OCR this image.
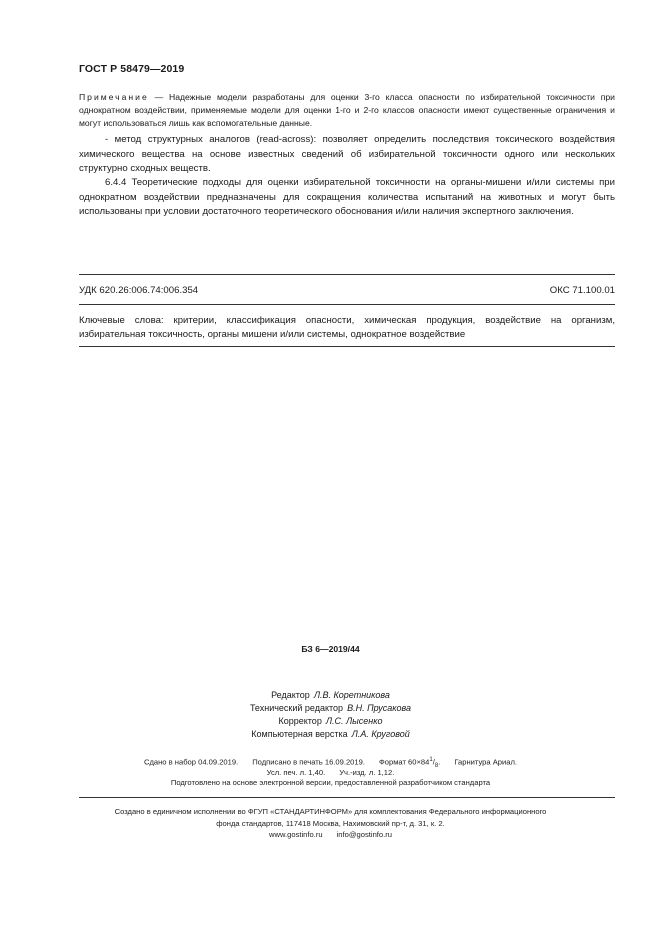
ГОСТ Р 58479—2019
Примечание — Надежные модели разработаны для оценки 3-го класса опасности по избирательной токсичности при однократном воздействии, применяемые модели для оценки 1-го и 2-го классов опасности имеют существенные ограничения и могут использоваться лишь как вспомогательные данные.

- метод структурных аналогов (read-across): позволяет определить последствия токсического воздействия химического вещества на основе известных сведений об избирательной токсичности одного или нескольких структурно сходных веществ.

6.4.4 Теоретические подходы для оценки избирательной токсичности на органы-мишени и/или системы при однократном воздействии предназначены для сокращения количества испытаний на животных и могут быть использованы при условии достаточного теоретического обоснования и/или наличия экспертного заключения.

УДК 620.26:006.74:006.354	ОКС 71.100.01
Ключевые слова: критерии, классификация опасности, химическая продукция, воздействие на организм, избирательная токсичность, органы мишени и/или системы, однократное воздействие
БЗ 6—2019/44
Редактор Л.В. Коретникова
Технический редактор В.Н. Прусакова
Корректор Л.С. Лысенко
Компьютерная верстка Л.А. Круговой
Сдано в набор 04.09.2019. Подписано в печать 16.09.2019. Формат $60\times 84^1/_8$. Гарнитура Ариал.
Усл. печ. л. 1,40. Уч.-изд. л. 1,12.
Подготовлено на основе электронной версии, предоставленной разработчиком стандарта
Создано в единичном исполнении во ФГУП «СТАНДАРТИНФОРМ» для комплектования Федерального информационного
фонда стандартов, 117418 Москва, Нахимовский пр-т, д. 31, к. 2.
www.gostinfo.ru info@gostinfo.ru
